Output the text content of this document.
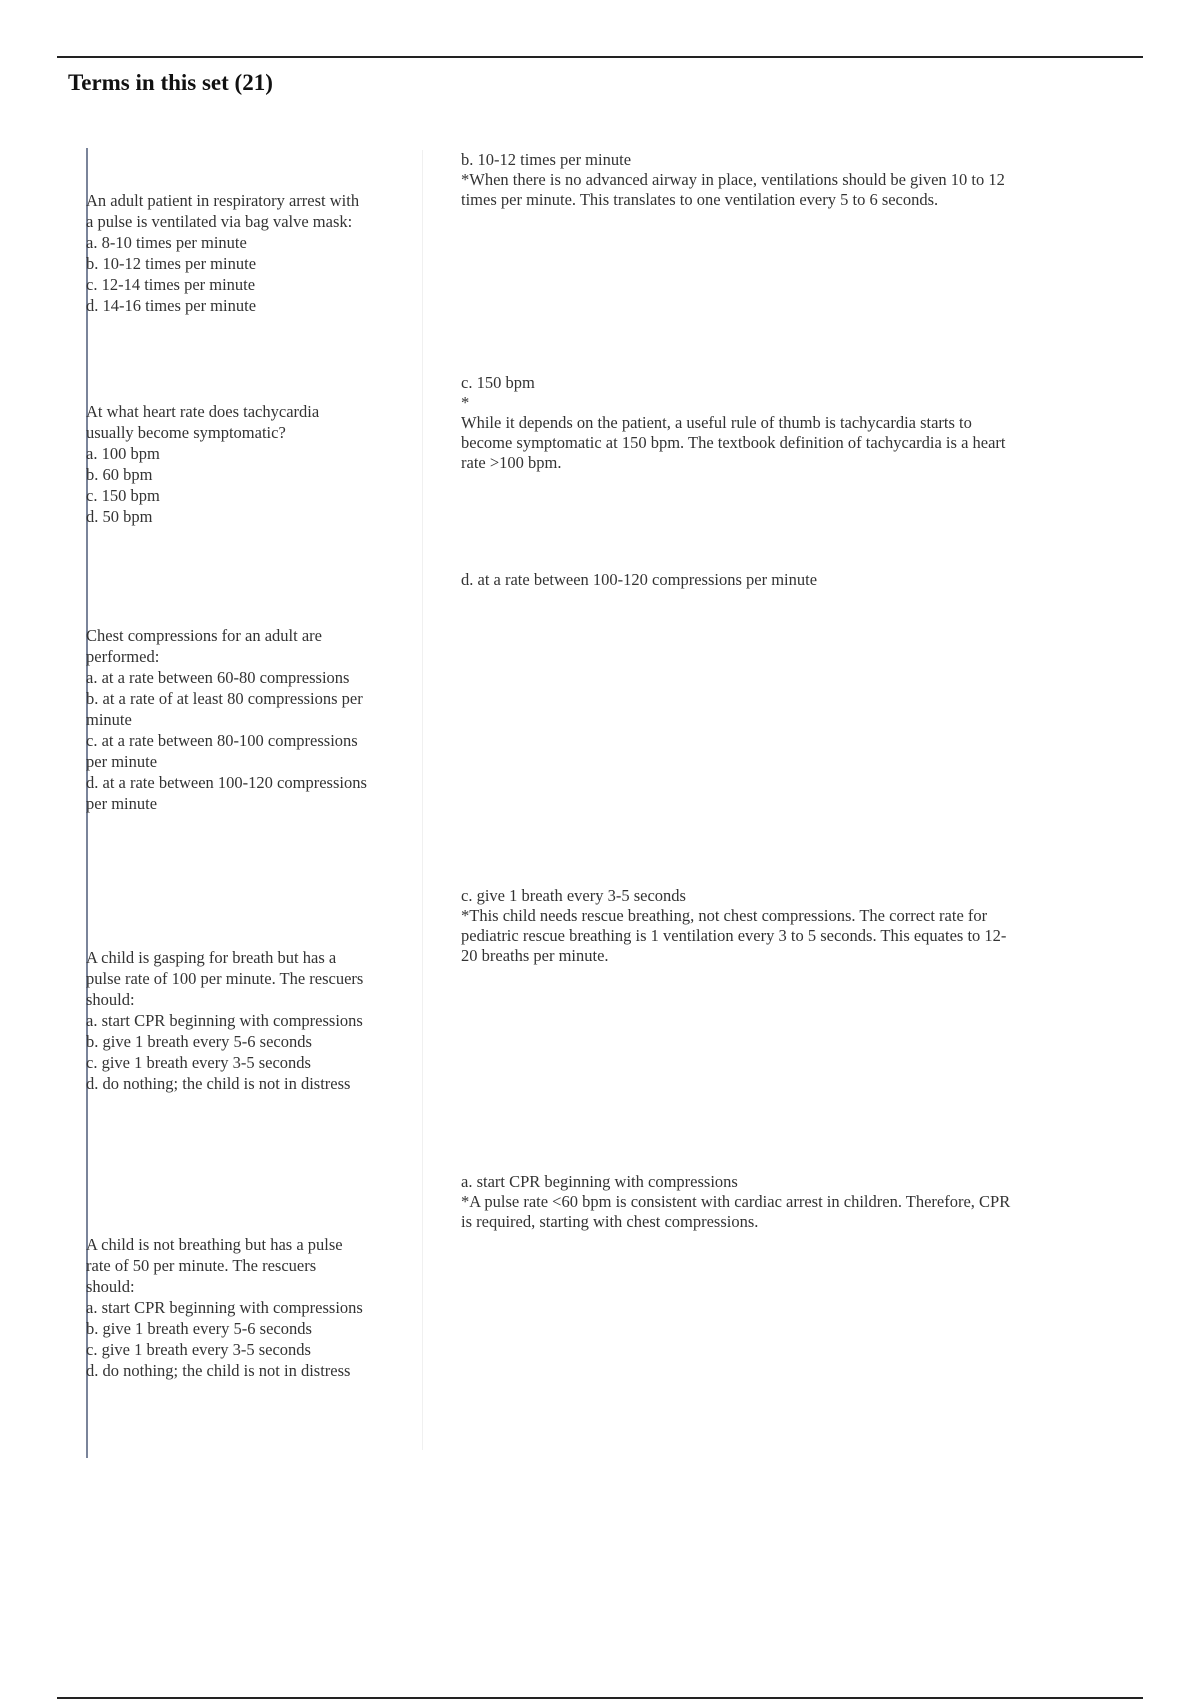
Terms in this set (21)
An adult patient in respiratory arrest with
a pulse is ventilated via bag valve mask:
a. 8-10 times per minute
b. 10-12 times per minute
c. 12-14 times per minute
d. 14-16 times per minute
b. 10-12 times per minute
*When there is no advanced airway in place, ventilations should be given 10 to 12
times per minute. This translates to one ventilation every 5 to 6 seconds.
At what heart rate does tachycardia
usually become symptomatic?
a. 100 bpm
b. 60 bpm
c. 150 bpm
d. 50 bpm
c. 150 bpm
*
While it depends on the patient, a useful rule of thumb is tachycardia starts to
become symptomatic at 150 bpm. The textbook definition of tachycardia is a heart
rate >100 bpm.
Chest compressions for an adult are
performed:
a. at a rate between 60-80 compressions
b. at a rate of at least 80 compressions per
minute
c. at a rate between 80-100 compressions
per minute
d. at a rate between 100-120 compressions
per minute
d. at a rate between 100-120 compressions per minute
A child is gasping for breath but has a
pulse rate of 100 per minute. The rescuers
should:
a. start CPR beginning with compressions
b. give 1 breath every 5-6 seconds
c. give 1 breath every 3-5 seconds
d. do nothing; the child is not in distress
c. give 1 breath every 3-5 seconds
*This child needs rescue breathing, not chest compressions. The correct rate for
pediatric rescue breathing is 1 ventilation every 3 to 5 seconds. This equates to 12-
20 breaths per minute.
A child is not breathing but has a pulse
rate of 50 per minute. The rescuers
should:
a. start CPR beginning with compressions
b. give 1 breath every 5-6 seconds
c. give 1 breath every 3-5 seconds
d. do nothing; the child is not in distress
a. start CPR beginning with compressions
*A pulse rate <60 bpm is consistent with cardiac arrest in children. Therefore, CPR
is required, starting with chest compressions.
